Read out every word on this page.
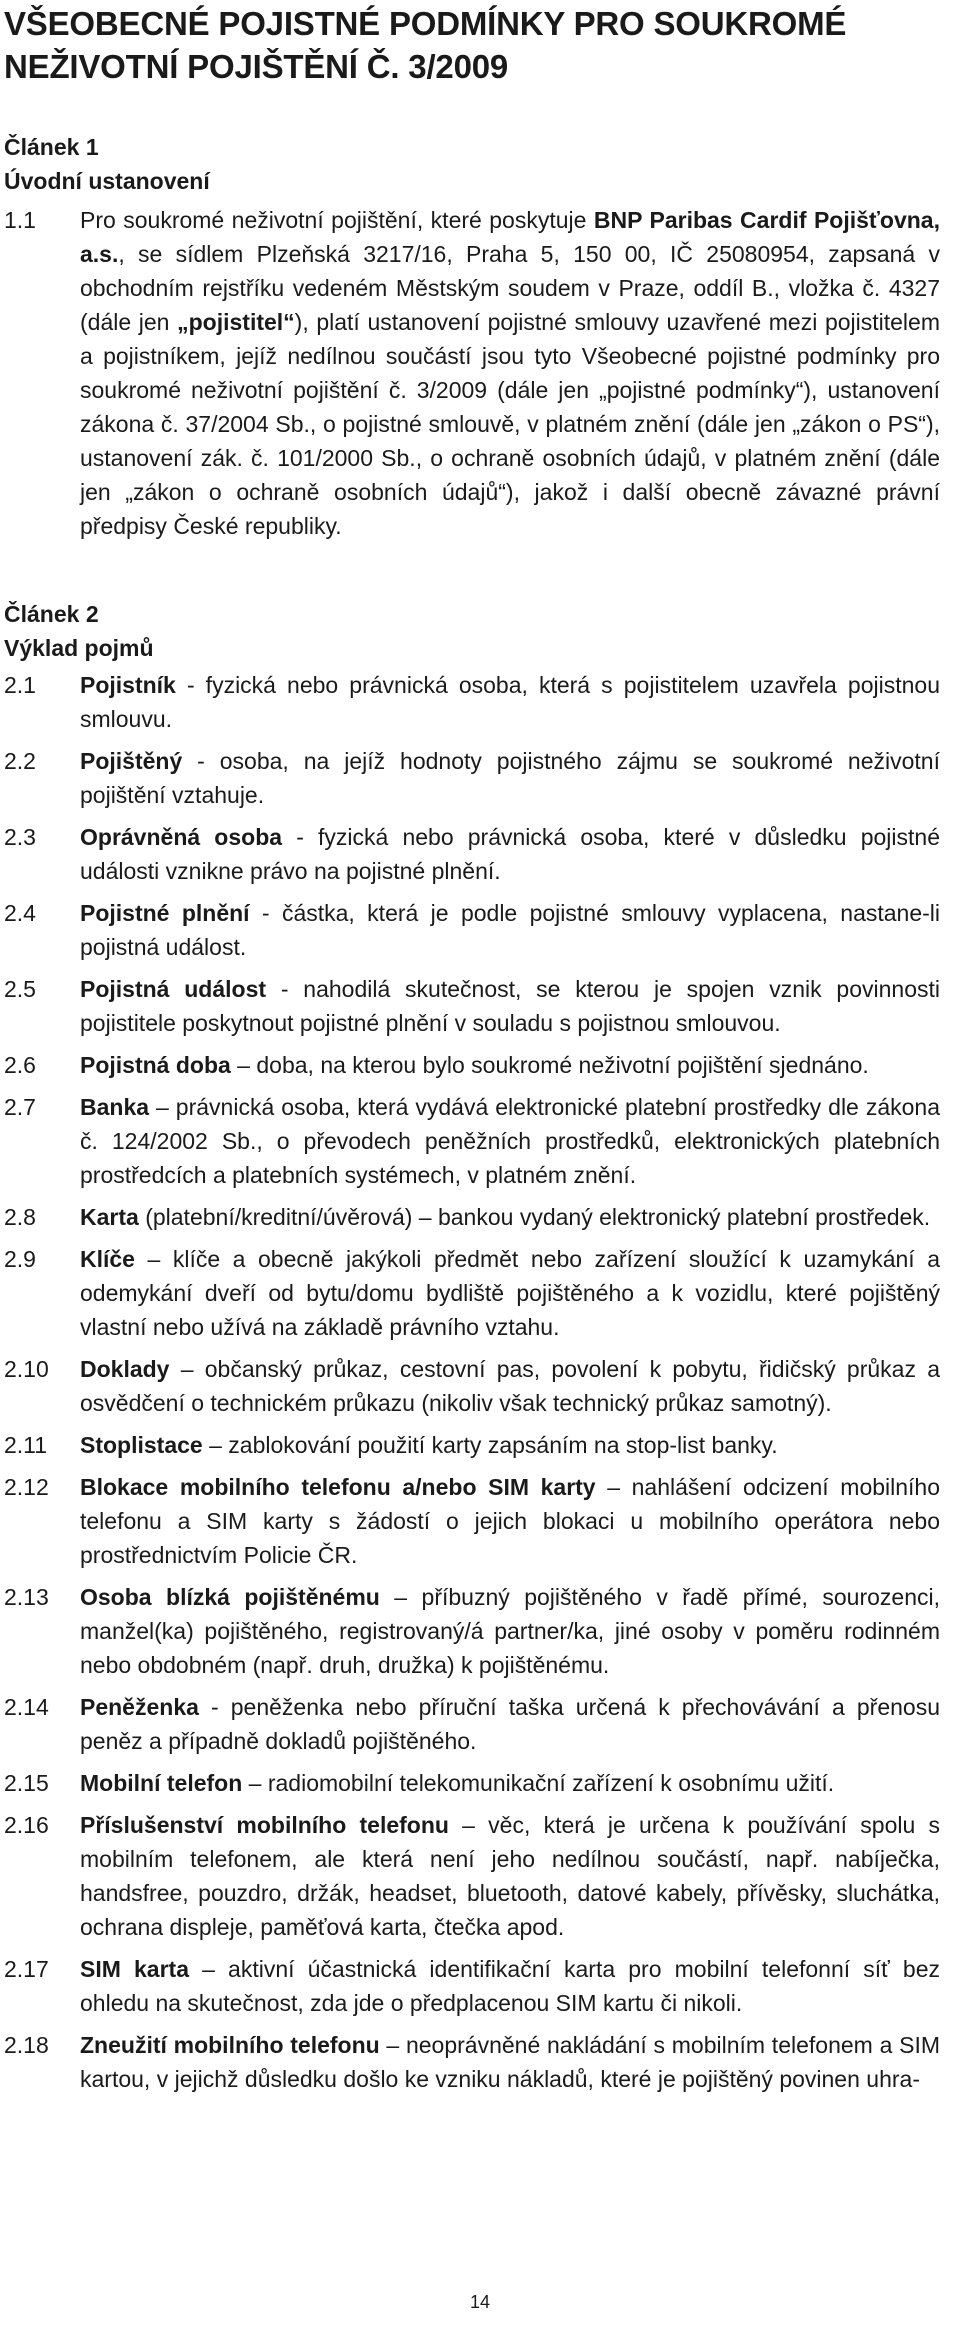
VŠEOBECNÉ POJISTNÉ PODMÍNKY PRO SOUKROMÉ NEŽIVOTNÍ POJIŠTĚNÍ Č. 3/2009
Článek 1
Úvodní ustanovení
1.1	Pro soukromé neživotní pojištění, které poskytuje BNP Paribas Cardif Pojišťovna, a.s., se sídlem Plzeňská 3217/16, Praha 5, 150 00, IČ 25080954, zapsaná v obchodním rejstříku vedeném Městským soudem v Praze, oddíl B., vložka č. 4327 (dále jen „pojistitel“), platí ustanovení pojistné smlouvy uzavřené mezi pojistitelem a pojistníkem, jejíž nedílnou součástí jsou tyto Všeobecné pojistné podmínky pro soukromé neživotní pojištění č. 3/2009 (dále jen „pojistné podmínky“), ustanovení zákona č. 37/2004 Sb., o pojistné smlouvě, v platném znění (dále jen „zákon o PS“), ustanovení zák. č. 101/2000 Sb., o ochraně osobních údajů, v platném znění (dále jen „zákon o ochraně osobních údajů“), jakož i další obecně závazné právní předpisy České republiky.
Článek 2
Výklad pojmů
2.1	Pojistník - fyzická nebo právnická osoba, která s pojistitelem uzavřela pojistnou smlouvu.
2.2	Pojištěný - osoba, na jejíž hodnoty pojistného zájmu se soukromé neživotní pojištění vztahuje.
2.3	Oprávněná osoba - fyzická nebo právnická osoba, které v důsledku pojistné události vznikne právo na pojistné plnění.
2.4	Pojistné plnění - částka, která je podle pojistné smlouvy vyplacena, nastane-li pojistná událost.
2.5	Pojistná událost - nahodilá skutečnost, se kterou je spojen vznik povinnosti pojistitele poskytnout pojistné plnění v souladu s pojistnou smlouvou.
2.6	Pojistná doba – doba, na kterou bylo soukromé neživotní pojištění sjednáno.
2.7	Banka – právnická osoba, která vydává elektronické platební prostředky dle zákona č. 124/2002 Sb., o převodech peněžních prostředků, elektronických platebních prostředcích a platebních systémech, v platném znění.
2.8	Karta (platební/kreditní/úvěrová) – bankou vydaný elektronický platební prostředek.
2.9	Klíče – klíče a obecně jakýkoli předmět nebo zařízení sloužící k uzamykání a odemykání dveří od bytu/domu bydliště pojištěného a k vozidlu, které pojištěný vlastní nebo užívá na základě právního vztahu.
2.10	Doklady – občanský průkaz, cestovní pas, povolení k pobytu, řidičský průkaz a osvědčení o technickém průkazu (nikoliv však technický průkaz samotný).
2.11	Stoplistace – zablokování použití karty zapsáním na stop-list banky.
2.12	Blokace mobilního telefonu a/nebo SIM karty – nahlášení odcizení mobilního telefonu a SIM karty s žádostí o jejich blokaci u mobilního operátora nebo prostřednictvím Policie ČR.
2.13	Osoba blízká pojištěnému – příbuzný pojištěného v řadě přímé, sourozenci, manžel(ka) pojištěného, registrovaný/á partner/ka, jiné osoby v poměru rodinném nebo obdobném (např. druh, družka) k pojištěnému.
2.14	Peněženka - peněženka nebo příruční taška určená k přechovávání a přenosu peněz a případně dokladů pojištěného.
2.15	Mobilní telefon – radiomobilní telekomunikační zařízení k osobnímu užití.
2.16	Příslušenství mobilního telefonu – věc, která je určena k používání spolu s mobilním telefonem, ale která není jeho nedílnou součástí, např. nabíječka, handsfree, pouzdro, držák, headset, bluetooth, datové kabely, přívěsky, sluchátka, ochrana displeje, paměťová karta, čtečka apod.
2.17	SIM karta – aktivní účastnická identifikační karta pro mobilní telefonní síť bez ohledu na skutečnost, zda jde o předplacenou SIM kartu či nikoli.
2.18	Zneužití mobilního telefonu – neoprávněné nakládání s mobilním telefonem a SIM kartou, v jejichž důsledku došlo ke vzniku nákladů, které je pojištěný povinen uhra-
14
